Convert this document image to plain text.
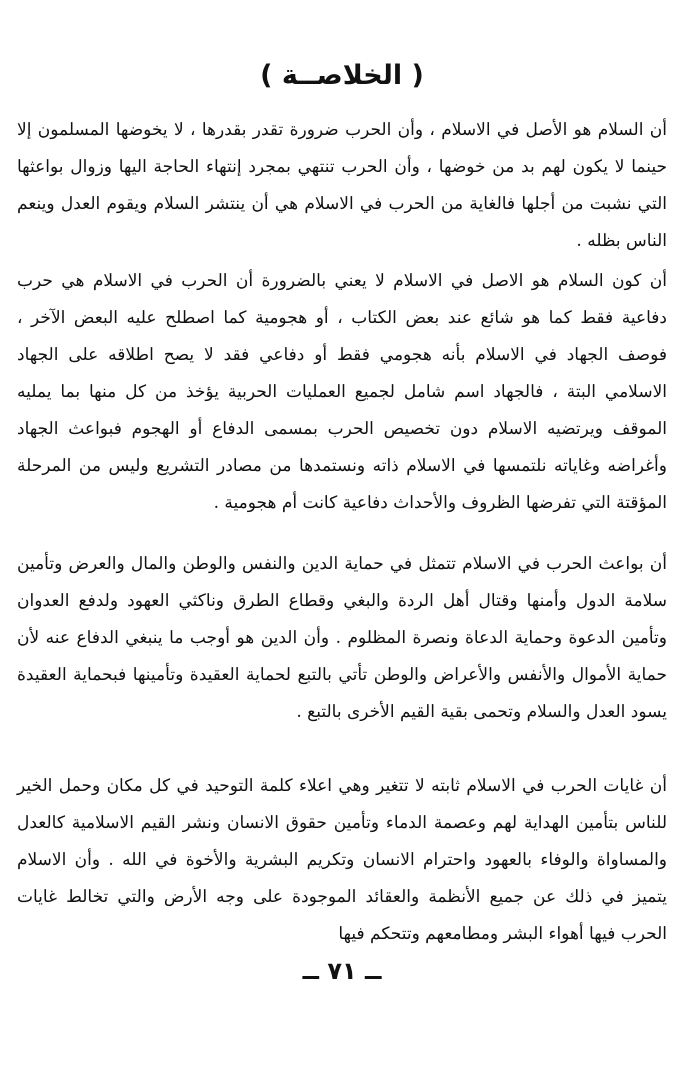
( الخلاصــة )
أن السلام هو الأصل في الاسلام ، وأن الحرب ضرورة تقدر بقدرها ، لا يخوضها المسلمون إلا حينما لا يكون لهم بد من خوضها ، وأن الحرب تنتهي بمجرد إنتهاء الحاجة اليها وزوال بواعثها التي نشبت من أجلها فالغاية من الحرب في الاسلام هي أن ينتشر السلام ويقوم العدل وينعم الناس بظله .
أن كون السلام هو الاصل في الاسلام لا يعني بالضرورة أن الحرب في الاسلام هي حرب دفاعية فقط كما هو شائع عند بعض الكتاب ، أو هجومية كما اصطلح عليه البعض الآخر ، فوصف الجهاد في الاسلام بأنه هجومي فقط أو دفاعي فقد لا يصح اطلاقه على الجهاد الاسلامي البتة ، فالجهاد اسم شامل لجميع العمليات الحربية يؤخذ من كل منها بما يمليه الموقف ويرتضيه الاسلام دون تخصيص الحرب بمسمى الدفاع أو الهجوم فبواعث الجهاد وأغراضه وغاياته نلتمسها في الاسلام ذاته ونستمدها من مصادر التشريع وليس من المرحلة المؤقتة التي تفرضها الظروف والأحداث دفاعية كانت أم هجومية .
أن بواعث الحرب في الاسلام تتمثل في حماية الدين والنفس والوطن والمال والعرض وتأمين سلامة الدول وأمنها وقتال أهل الردة والبغي وقطاع الطرق وناكثي العهود ولدفع العدوان وتأمين الدعوة وحماية الدعاة ونصرة المظلوم . وأن الدين هو أوجب ما ينبغي الدفاع عنه لأن حماية الأموال والأنفس والأعراض والوطن تأتي بالتبع لحماية العقيدة وتأمينها فبحماية العقيدة يسود العدل والسلام وتحمى بقية القيم الأخرى بالتبع .
أن غايات الحرب في الاسلام ثابته لا تتغير وهي اعلاء كلمة التوحيد في كل مكان وحمل الخير للناس بتأمين الهداية لهم وعصمة الدماء وتأمين حقوق الانسان ونشر القيم الاسلامية كالعدل والمساواة والوفاء بالعهود واحترام الانسان وتكريم البشرية والأخوة في الله . وأن الاسلام يتميز في ذلك عن جميع الأنظمة والعقائد الموجودة على وجه الأرض والتي تخالط غايات الحرب فيها أهواء البشر ومطامعهم وتتحكم فيها
ــ ٧١ ــ
